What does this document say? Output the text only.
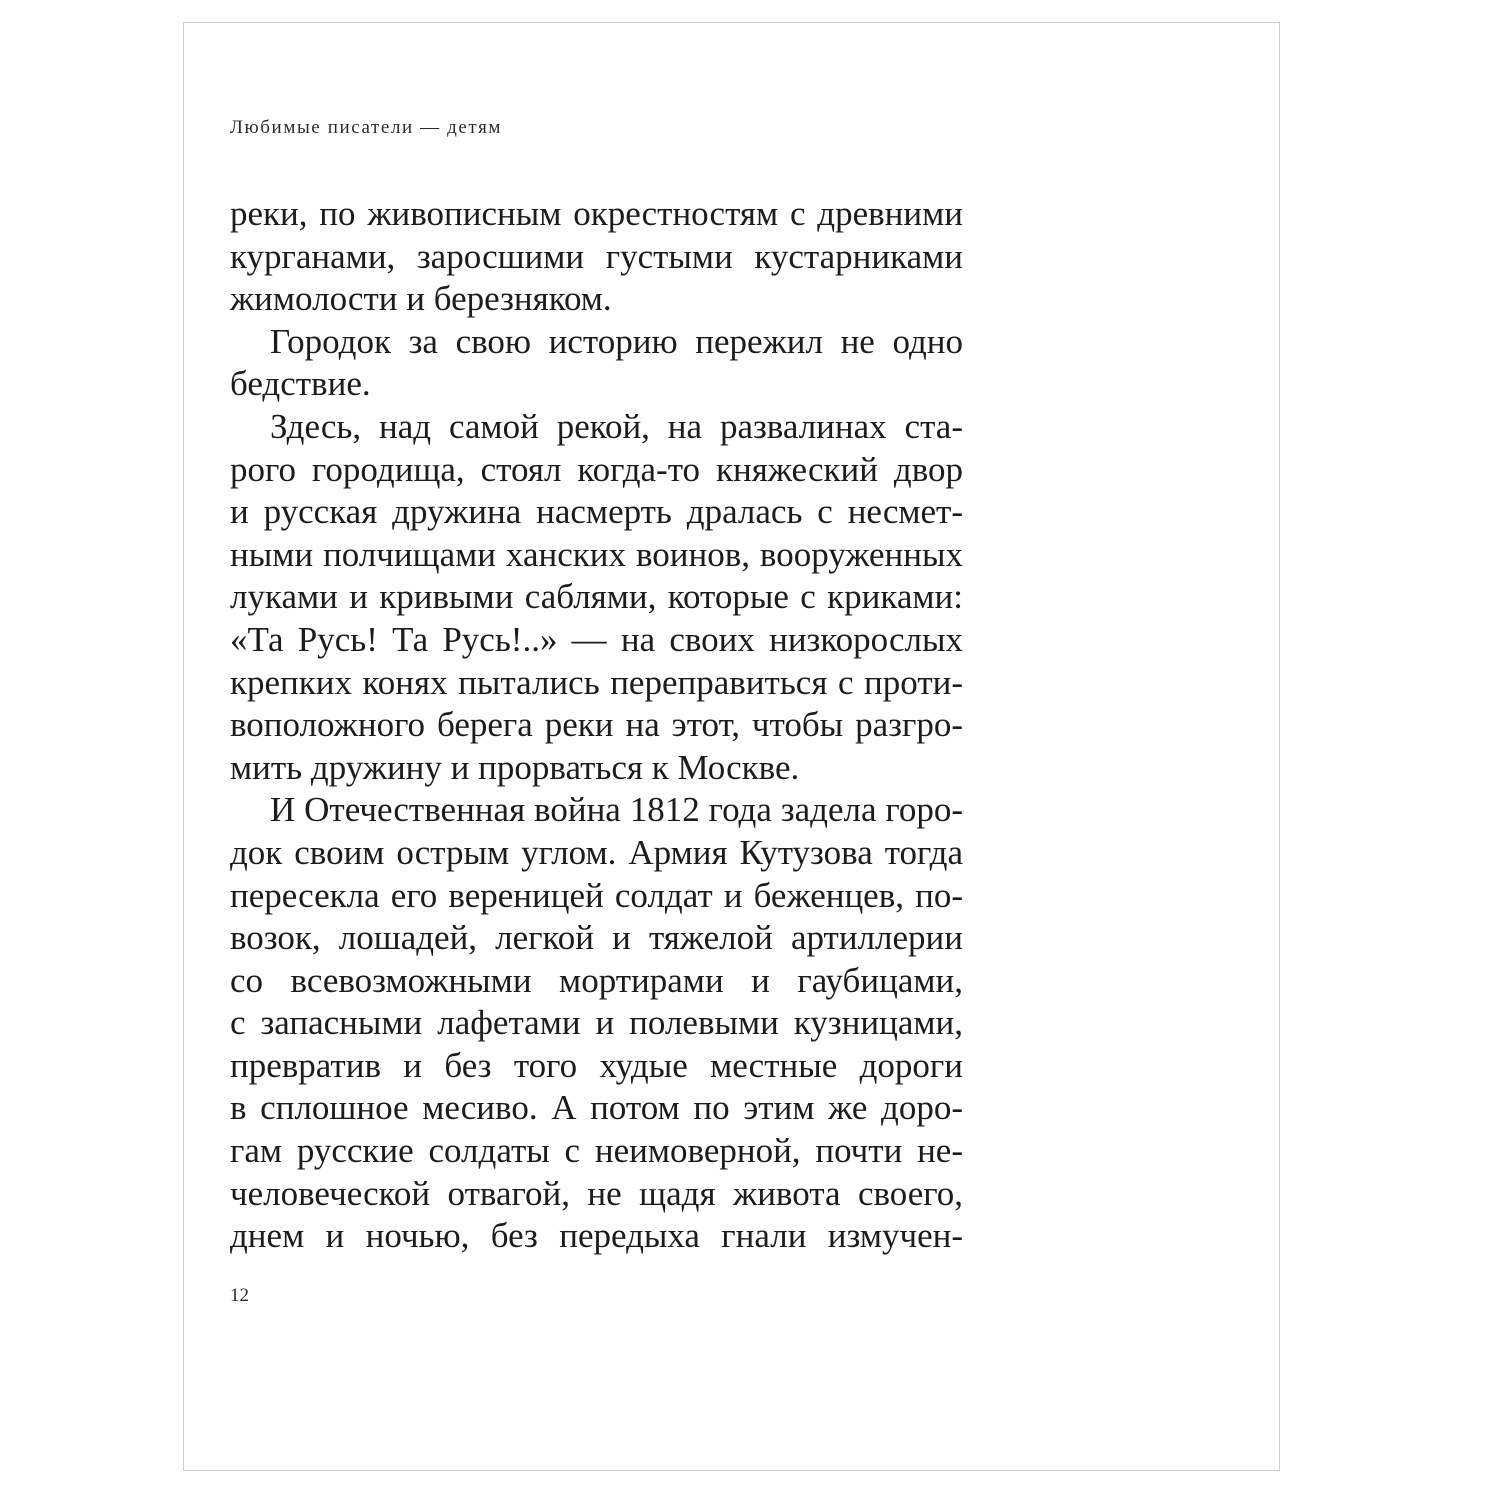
Любимые писатели — детям
реки, по живописным окрестностям с древними
курганами, заросшими густыми кустарниками
жимолости и березняком.
Городок за свою историю пережил не одно
бедствие.
Здесь, над самой рекой, на развалинах ста-
рого городища, стоял когда-то княжеский двор
и русская дружина насмерть дралась с несмет-
ными полчищами ханских воинов, вооруженных
луками и кривыми саблями, которые с криками:
«Та Русь! Та Русь!..» — на своих низкорослых
крепких конях пытались переправиться с проти-
воположного берега реки на этот, чтобы разгро-
мить дружину и прорваться к Москве.
И Отечественная война 1812 года задела горо-
док своим острым углом. Армия Кутузова тогда
пересекла его вереницей солдат и беженцев, по-
возок, лошадей, легкой и тяжелой артиллерии
со всевозможными мортирами и гаубицами,
с запасными лафетами и полевыми кузницами,
превратив и без того худые местные дороги
в сплошное месиво. А потом по этим же доро-
гам русские солдаты с неимоверной, почти не-
человеческой отвагой, не щадя живота своего,
днем и ночью, без передыха гнали измучен-
12
